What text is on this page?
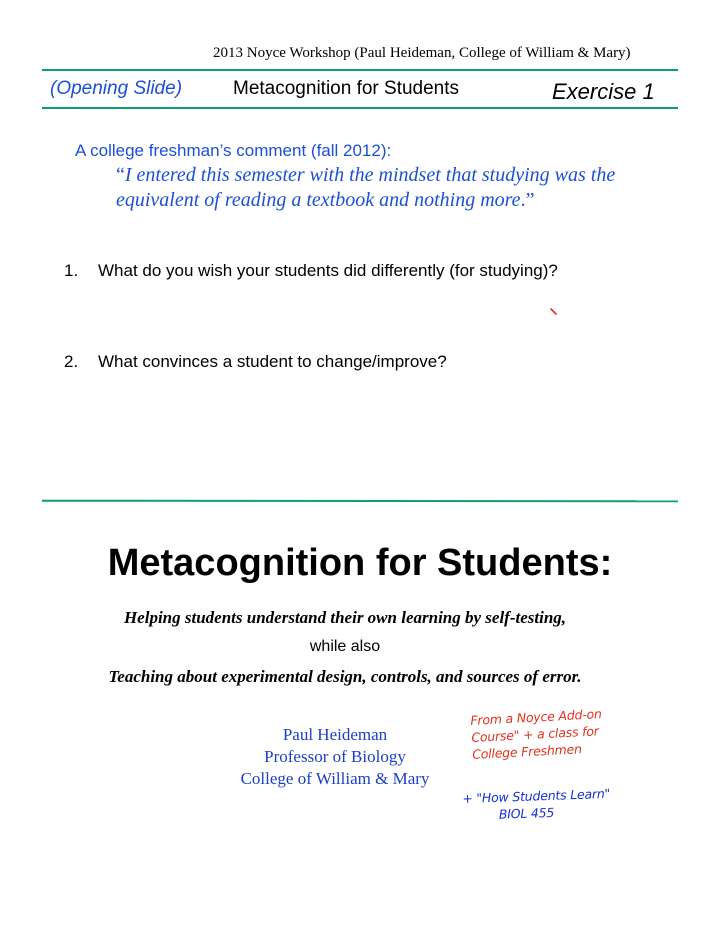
2013 Noyce Workshop (Paul Heideman, College of William & Mary)
(Opening Slide)	Metacognition for Students	Exercise 1
A college freshman’s comment (fall 2012):
“I entered this semester with the mindset that studying was the equivalent of reading a textbook and nothing more.”
1. What do you wish your students did differently (for studying)?
2. What convinces a student to change/improve?
Metacognition for Students:
Helping students understand their own learning by self-testing,
while also
Teaching about experimental design, controls, and sources of error.
Paul Heideman
Professor of Biology
College of William & Mary
From a Noyce Add-on
Course" + a class for
College Freshmen
+ "How Students Learn"
BIOL 455
